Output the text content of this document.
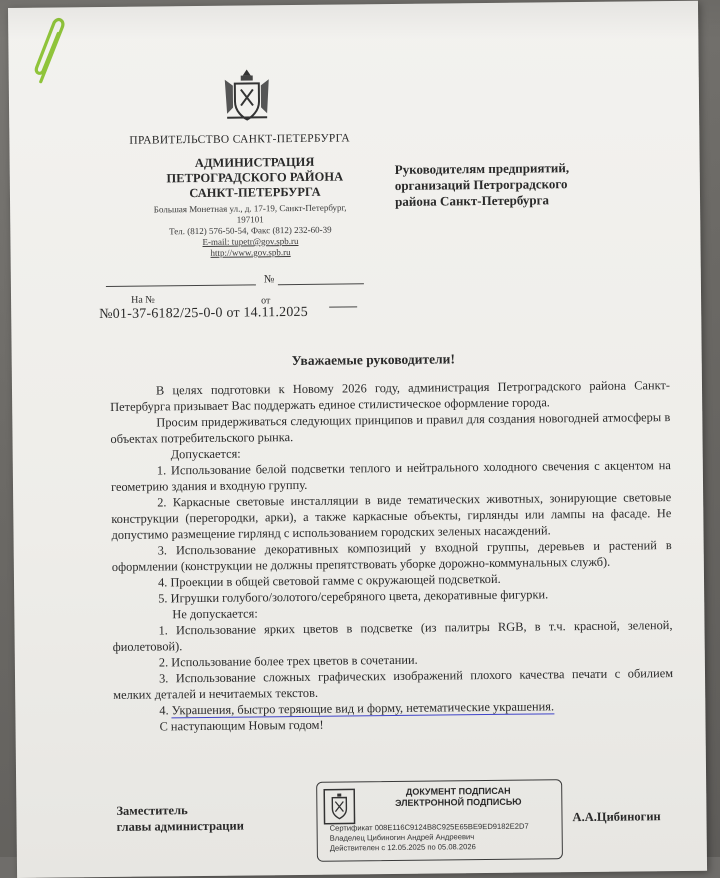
ПРАВИТЕЛЬСТВО САНКТ-ПЕТЕРБУРГА
АДМИНИСТРАЦИЯ
ПЕТРОГРАДСКОГО РАЙОНА
САНКТ-ПЕТЕРБУРГА
Большая Монетная ул., д. 17-19, Санкт-Петербург,
197101
Тел. (812) 576-50-54, Факс (812) 232-60-39
E-mail: tupetr@gov.spb.ru
http://www.gov.spb.ru
Руководителям предприятий,
организаций Петроградского
района Санкт-Петербурга
№
На №	от
№01-37-6182/25-0-0 от 14.11.2025
Уважаемые руководители!

В целях подготовки к Новому 2026 году, администрация Петроградского района Санкт-Петербурга призывает Вас поддержать единое стилистическое оформление города.

Просим придерживаться следующих принципов и правил для создания новогодней атмосферы в объектах потребительского рынка.

Допускается:

1. Использование белой подсветки теплого и нейтрального холодного свечения с акцентом на геометрию здания и входную группу.

2. Каркасные световые инсталляции в виде тематических животных, зонирующие световые конструкции (перегородки, арки), а также каркасные объекты, гирлянды или лампы на фасаде. Не допустимо размещение гирлянд с использованием городских зеленых насаждений.

3. Использование декоративных композиций у входной группы, деревьев и растений в оформлении (конструкции не должны препятствовать уборке дорожно-коммунальных служб).

4. Проекции в общей световой гамме с окружающей подсветкой.

5. Игрушки голубого/золотого/серебряного цвета, декоративные фигурки.

Не допускается:

1. Использование ярких цветов в подсветке (из палитры RGB, в т.ч. красной, зеленой, фиолетовой).

2. Использование более трех цветов в сочетании.

3. Использование сложных графических изображений плохого качества печати с обилием мелких деталей и нечитаемых текстов.

4. Украшения, быстро теряющие вид и форму, нетематические украшения.

С наступающим Новым годом!

Заместитель
главы администрации
ДОКУМЕНТ ПОДПИСАН
ЭЛЕКТРОННОЙ ПОДПИСЬЮ
Сертификат 008E116C9124B8C925E65BE9ED9182E2D7
Владелец Цибиногин Андрей Андреевич
Действителен с 12.05.2025 по 05.08.2026
А.А.Цибиногин
